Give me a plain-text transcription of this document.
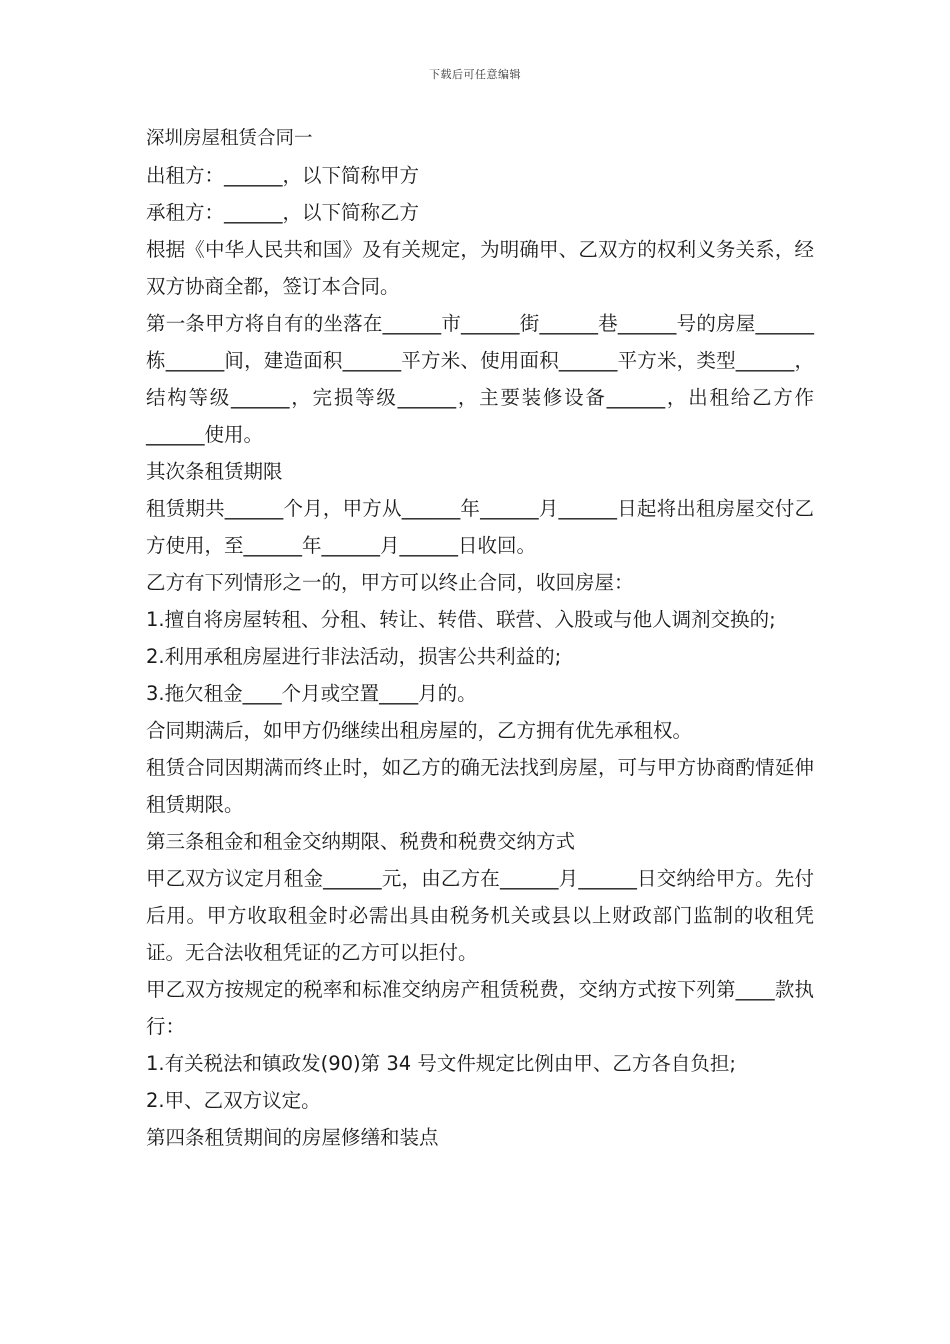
下载后可任意编辑

深圳房屋租赁合同一

出租方：______，以下简称甲方

承租方：______，以下简称乙方

根据《中华人民共和国》及有关规定，为明确甲、乙双方的权利义务关系，经双方协商全都，签订本合同。

第一条甲方将自有的坐落在______市______街______巷______号的房屋______栋______间，建造面积______平方米、使用面积______平方米，类型______，结构等级______，完损等级______，主要装修设备______，出租给乙方作______使用。

其次条租赁期限

租赁期共______个月，甲方从______年______月______日起将出租房屋交付乙方使用，至______年______月______日收回。

乙方有下列情形之一的，甲方可以终止合同，收回房屋：

1.擅自将房屋转租、分租、转让、转借、联营、入股或与他人调剂交换的;

2.利用承租房屋进行非法活动，损害公共利益的;

3.拖欠租金____个月或空置____月的。

合同期满后，如甲方仍继续出租房屋的，乙方拥有优先承租权。

租赁合同因期满而终止时，如乙方的确无法找到房屋，可与甲方协商酌情延伸租赁期限。

第三条租金和租金交纳期限、税费和税费交纳方式

甲乙双方议定月租金______元，由乙方在______月______日交纳给甲方。先付后用。甲方收取租金时必需出具由税务机关或县以上财政部门监制的收租凭证。无合法收租凭证的乙方可以拒付。

甲乙双方按规定的税率和标准交纳房产租赁税费，交纳方式按下列第____款执行：

1.有关税法和镇政发(90)第 34 号文件规定比例由甲、乙方各自负担;

2.甲、乙双方议定。

第四条租赁期间的房屋修缮和装点
